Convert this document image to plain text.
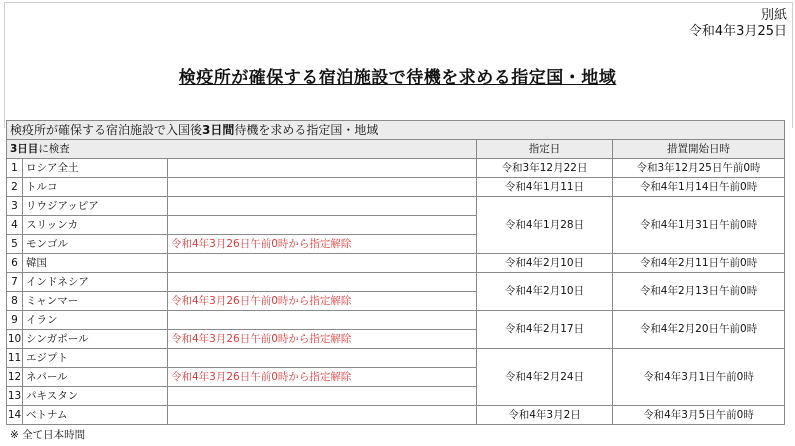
別紙
令和4年3月25日
検疫所が確保する宿泊施設で待機を求める指定国・地域
検疫所が確保する宿泊施設で入国後3日間待機を求める指定国・地域				
3日目に検査			指定日	措置開始日時
1	ロシア全土		令和3年12月22日	令和3年12月25日午前0時
2	トルコ		令和4年1月11日	令和4年1月14日午前0時
3	リウジアッピア		令和4年1月28日	令和4年1月31日午前0時
4	スリッンカ			
5	モンゴル	令和4年3月26日午前0時から指定解除		
6	韓国		令和4年2月10日	令和4年2月11日午前0時
7	インドネシア		令和4年2月10日	令和4年2月13日午前0時
8	ミャンマー	令和4年3月26日午前0時から指定解除		
9	イラン		令和4年2月17日	令和4年2月20日午前0時
10	シンガポール	令和4年3月26日午前0時から指定解除		
11	エジプト		令和4年2月24日	令和4年3月1日午前0時
12	ネパール	令和4年3月26日午前0時から指定解除		
13	パキスタン			
14	ベトナム		令和4年3月2日	令和4年3月5日午前0時
※ 全て日本時間
